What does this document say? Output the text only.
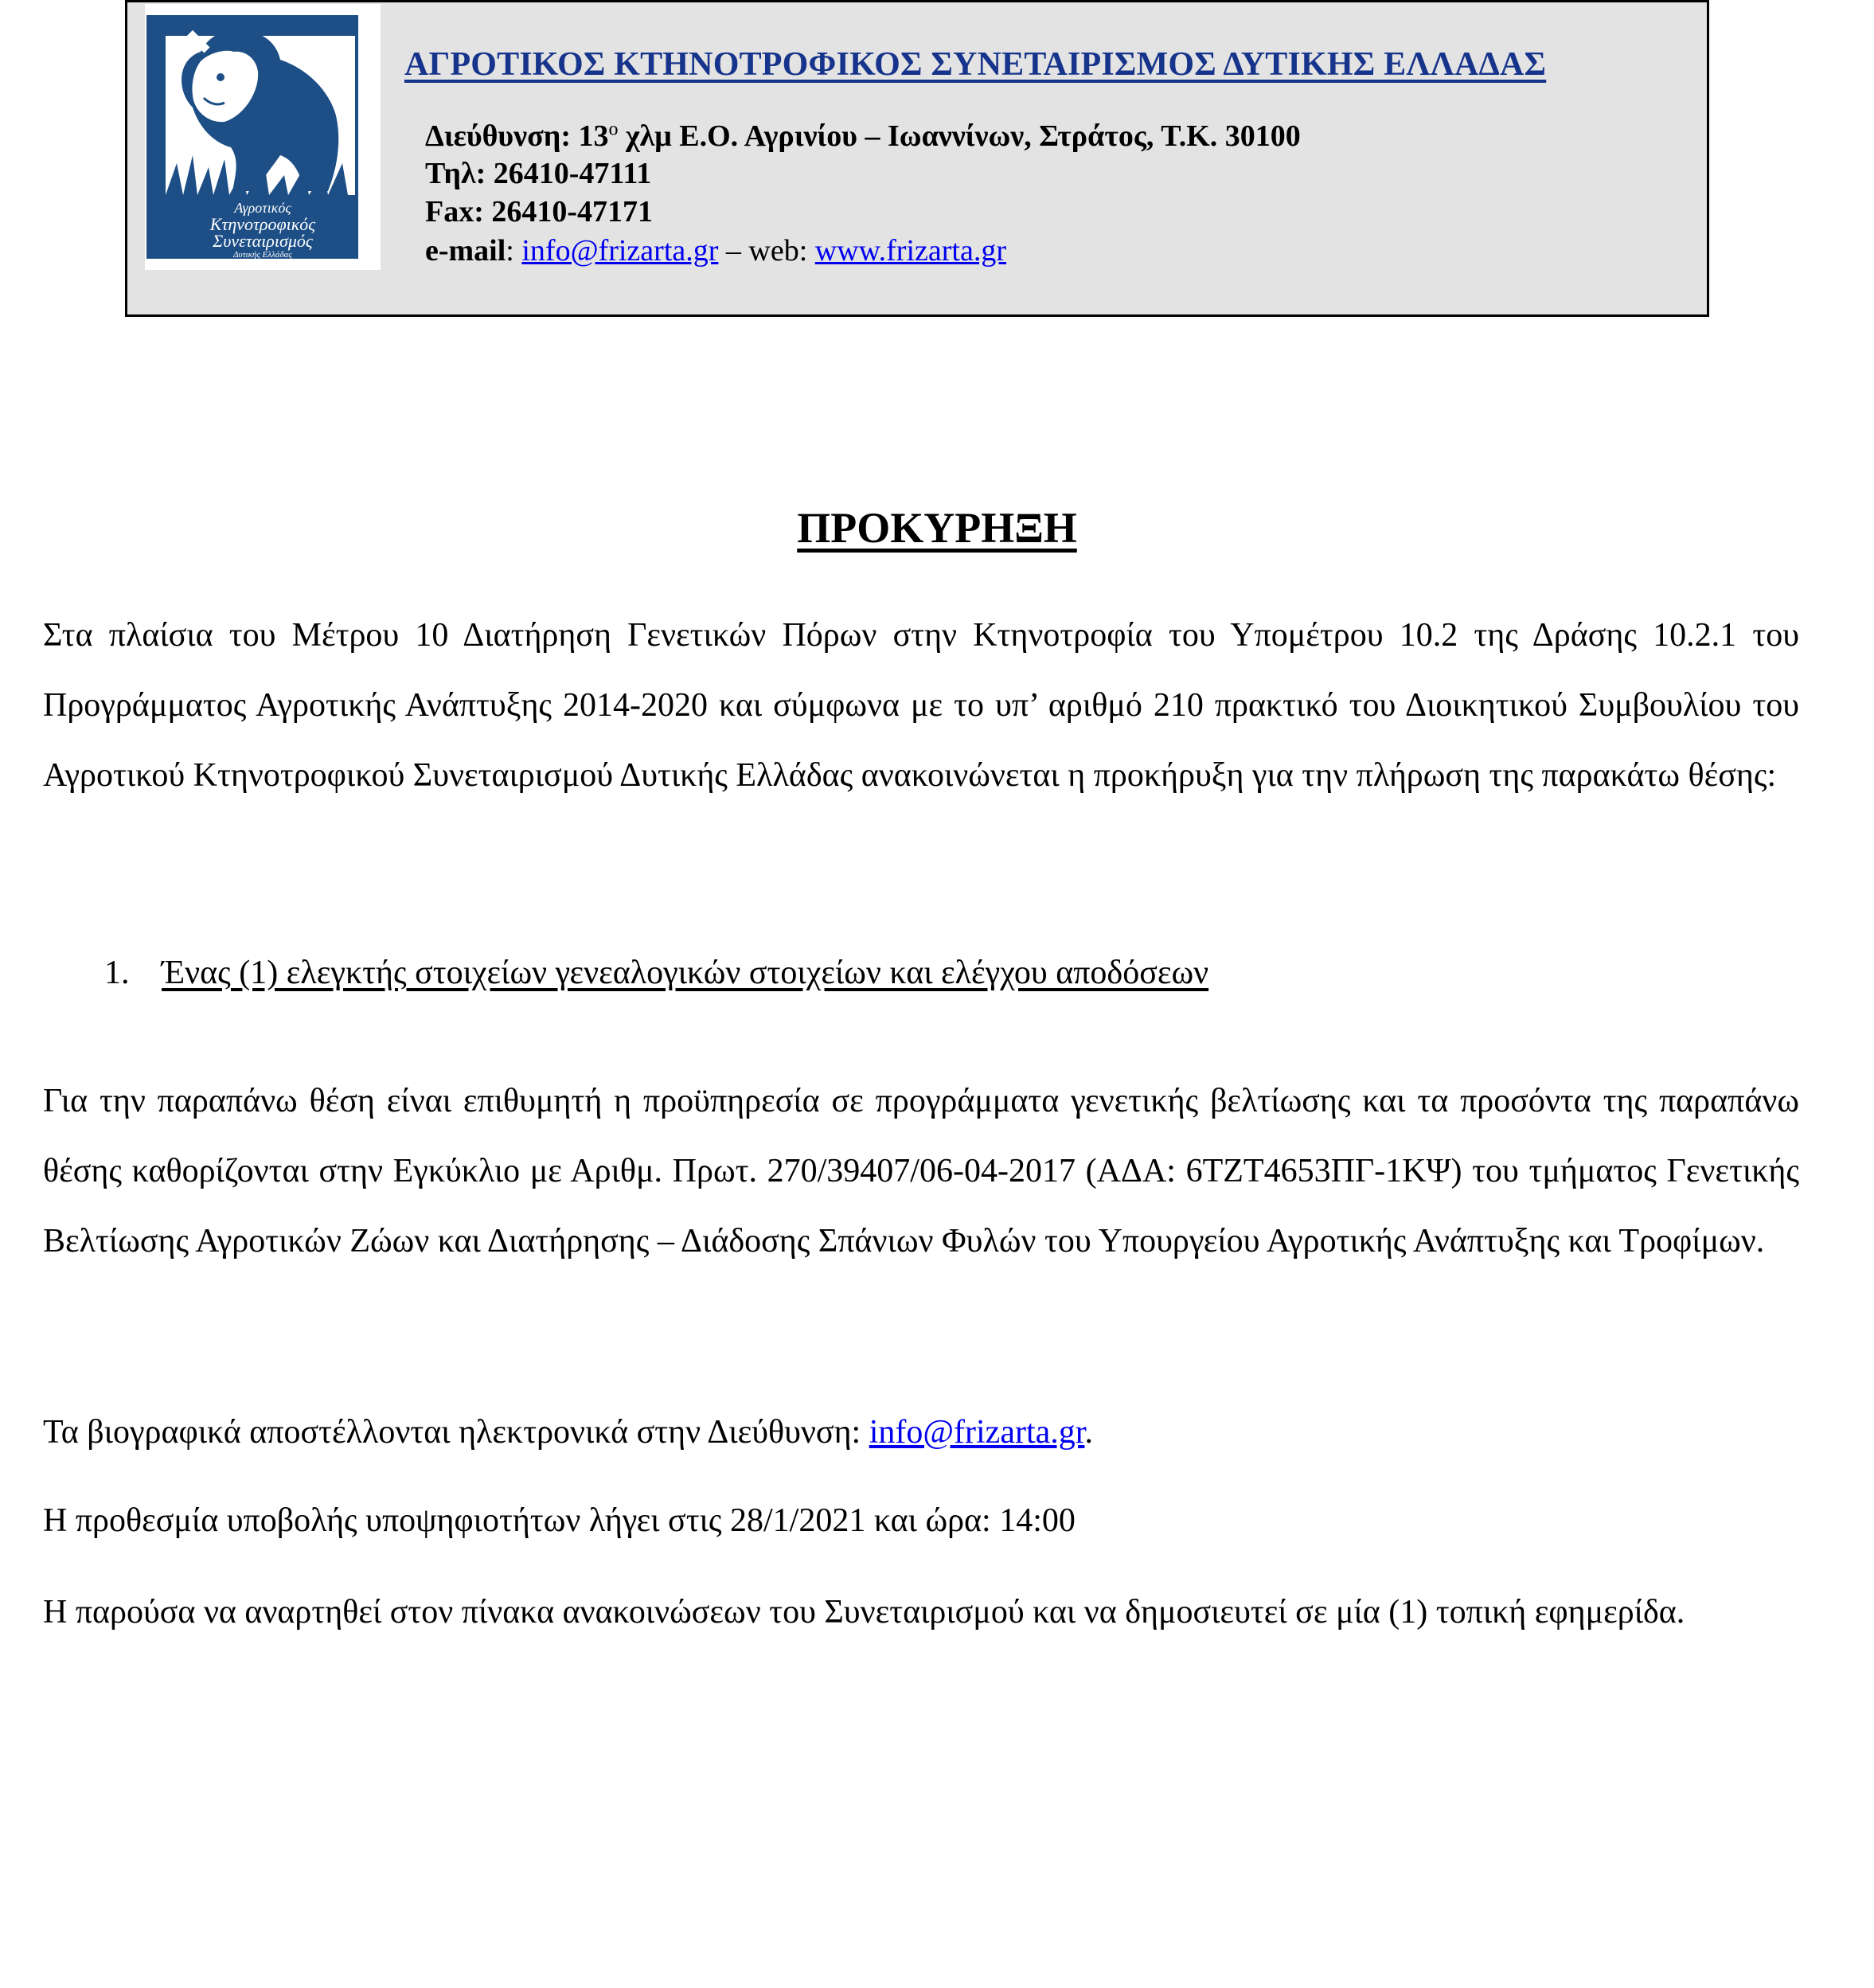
Αγροτικός
Κτηνοτροφικός
Συνεταιρισμός
Δυτικής Ελλάδας
ΑΓΡΟΤΙΚΟΣ ΚΤΗΝΟΤΡΟΦΙΚΟΣ ΣΥΝΕΤΑΙΡΙΣΜΟΣ ΔΥΤΙΚΗΣ ΕΛΛΑΔΑΣ
Διεύθυνση: $13^o$ χλμ Ε.Ο. Αγρινίου – Ιωαννίνων, Στράτος, Τ.Κ. 30100
Τηλ: 26410-47111
Fax: 26410-47171
e-mail: info@frizarta.gr – web: www.frizarta.gr
ΠΡΟΚΥΡΗΞΗ

Στα πλαίσια του Μέτρου 10 Διατήρηση Γενετικών Πόρων στην Κτηνοτροφία του Υπομέτρου 10.2 της Δράσης 10.2.1 του Προγράμματος Αγροτικής Ανάπτυξης 2014-2020 και σύμφωνα με το υπ’ αριθμό 210 πρακτικό του Διοικητικού Συμβουλίου του Αγροτικού Κτηνοτροφικού Συνεταιρισμού Δυτικής Ελλάδας ανακοινώνεται η προκήρυξη για την πλήρωση της παρακάτω θέσης:

1. Ένας (1) ελεγκτής στοιχείων γενεαλογικών στοιχείων και ελέγχου αποδόσεων

Για την παραπάνω θέση είναι επιθυμητή η προϋπηρεσία σε προγράμματα γενετικής βελτίωσης και τα προσόντα της παραπάνω θέσης καθορίζονται στην Εγκύκλιο με Αριθμ. Πρωτ. 270/39407/06-04-2017 (ΑΔΑ: 6ΤΖΤ4653ΠΓ-1ΚΨ) του τμήματος Γενετικής Βελτίωσης Αγροτικών Ζώων και Διατήρησης – Διάδοσης Σπάνιων Φυλών του Υπουργείου Αγροτικής Ανάπτυξης και Τροφίμων.

Τα βιογραφικά αποστέλλονται ηλεκτρονικά στην Διεύθυνση: info@frizarta.gr.

Η προθεσμία υποβολής υποψηφιοτήτων λήγει στις 28/1/2021 και ώρα: 14:00

Η παρούσα να αναρτηθεί στον πίνακα ανακοινώσεων του Συνεταιρισμού και να δημοσιευτεί σε μία (1) τοπική εφημερίδα.
